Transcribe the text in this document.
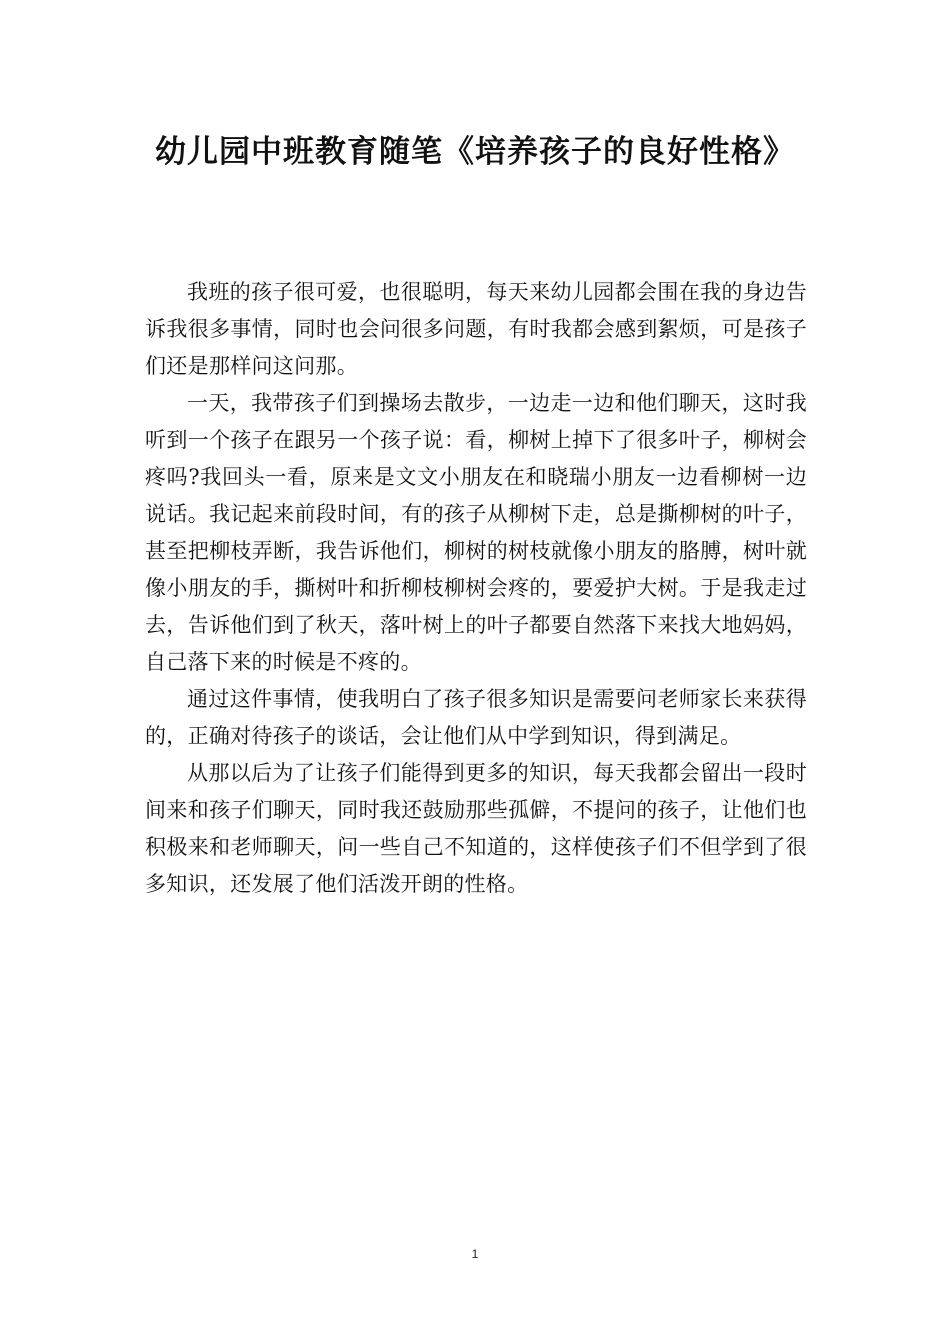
幼儿园中班教育随笔《培养孩子的良好性格》

我班的孩子很可爱，也很聪明，每天来幼儿园都会围在我的身边告诉我很多事情，同时也会问很多问题，有时我都会感到絮烦，可是孩子们还是那样问这问那。

一天，我带孩子们到操场去散步，一边走一边和他们聊天，这时我听到一个孩子在跟另一个孩子说：看，柳树上掉下了很多叶子，柳树会疼吗?我回头一看，原来是文文小朋友在和晓瑞小朋友一边看柳树一边说话。我记起来前段时间，有的孩子从柳树下走，总是撕柳树的叶子，甚至把柳枝弄断，我告诉他们，柳树的树枝就像小朋友的胳膊，树叶就像小朋友的手，撕树叶和折柳枝柳树会疼的，要爱护大树。于是我走过去，告诉他们到了秋天，落叶树上的叶子都要自然落下来找大地妈妈，自己落下来的时候是不疼的。

通过这件事情，使我明白了孩子很多知识是需要问老师家长来获得的，正确对待孩子的谈话，会让他们从中学到知识，得到满足。

从那以后为了让孩子们能得到更多的知识，每天我都会留出一段时间来和孩子们聊天，同时我还鼓励那些孤僻，不提问的孩子，让他们也积极来和老师聊天，问一些自己不知道的，这样使孩子们不但学到了很多知识，还发展了他们活泼开朗的性格。

1
